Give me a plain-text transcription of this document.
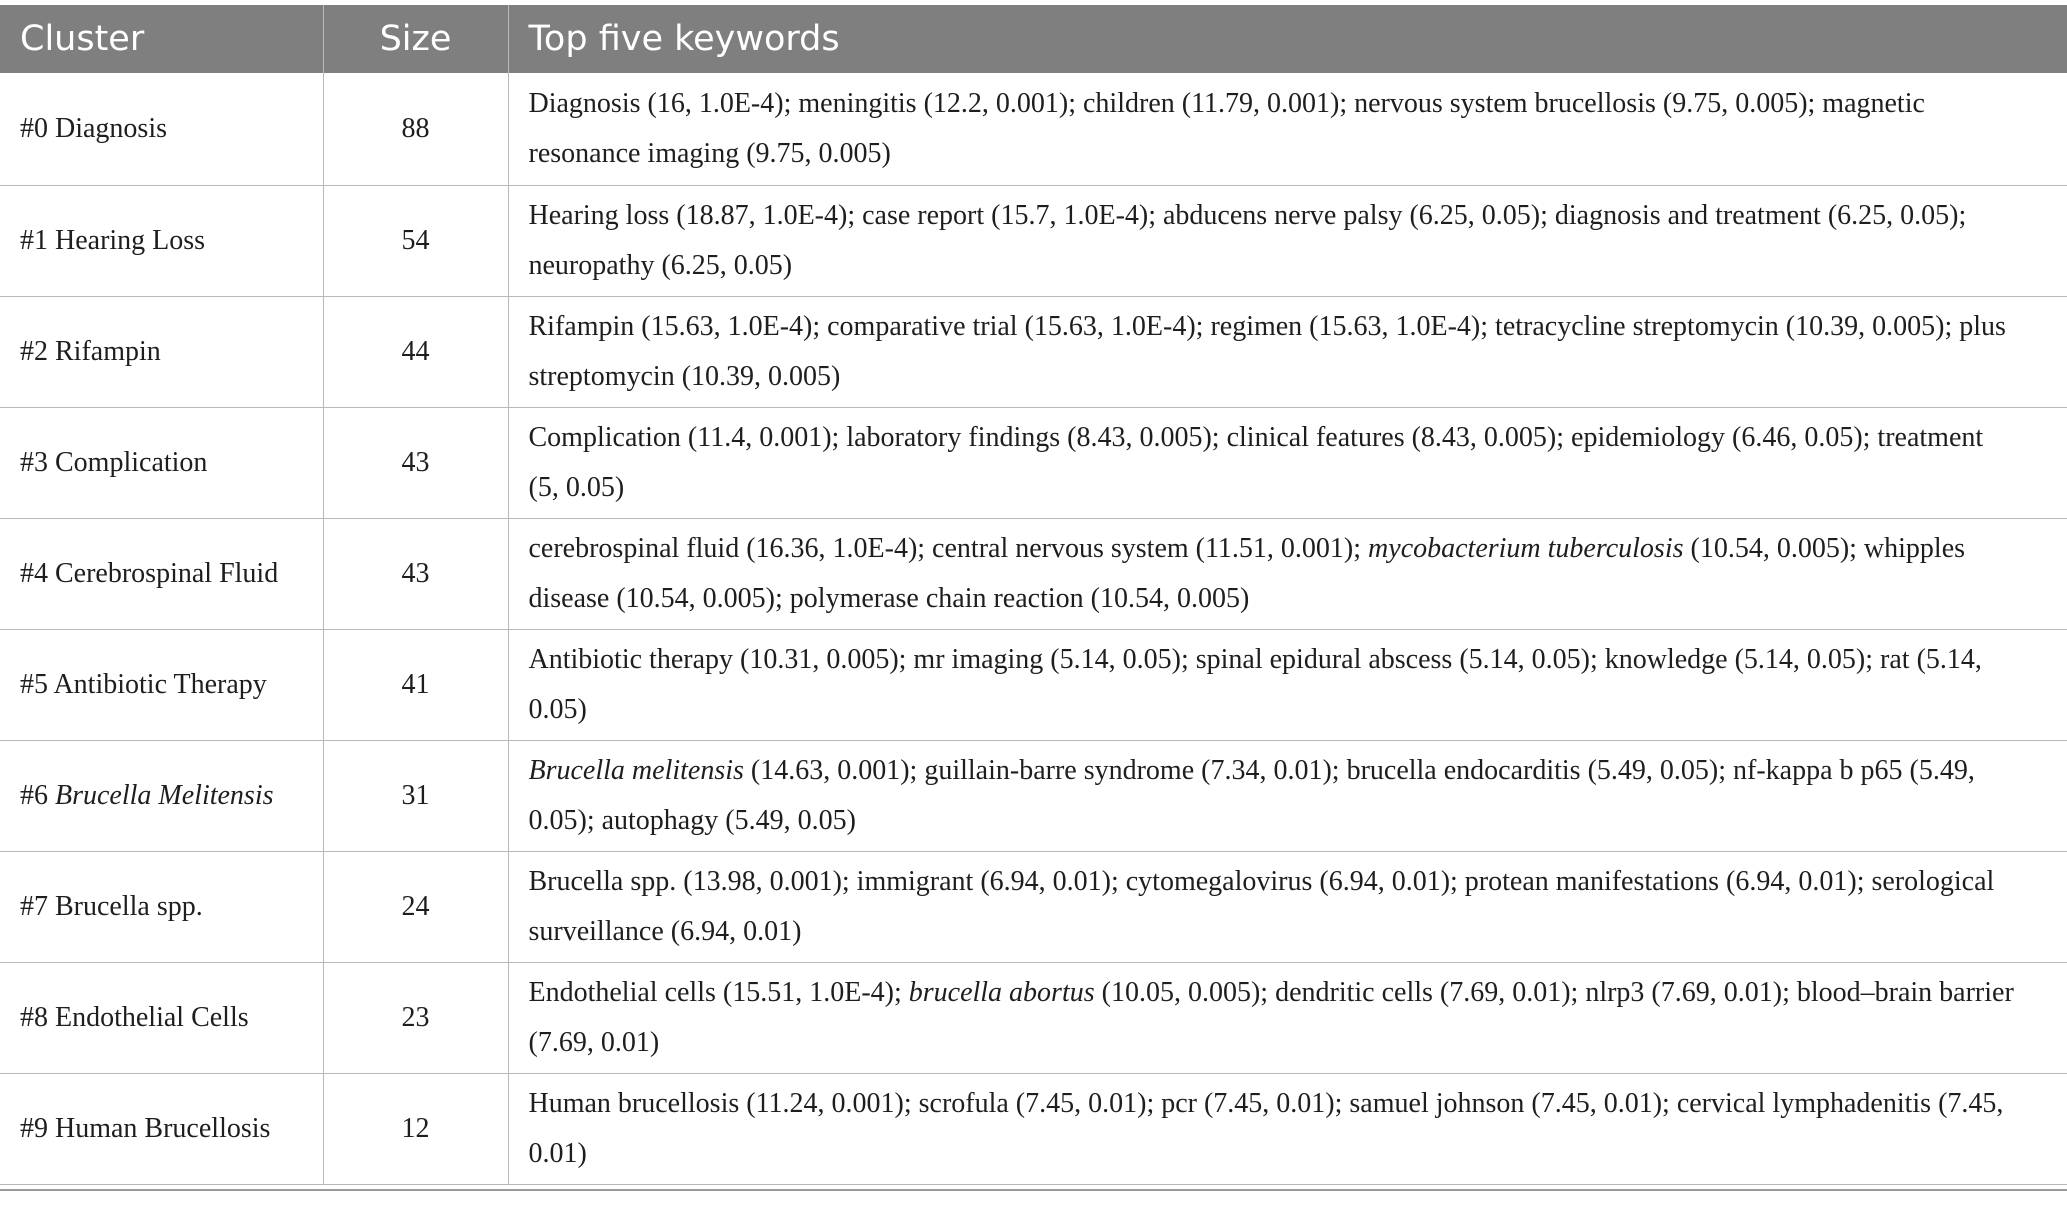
Cluster	Size	Top five keywords
#0 Diagnosis	88	Diagnosis (16, 1.0E-4); meningitis (12.2, 0.001); children (11.79, 0.001); nervous system brucellosis (9.75, 0.005); magnetic
resonance imaging (9.75, 0.005)

#1 Hearing Loss	54	Hearing loss (18.87, 1.0E-4); case report (15.7, 1.0E-4); abducens nerve palsy (6.25, 0.05); diagnosis and treatment (6.25, 0.05);
neuropathy (6.25, 0.05)

#2 Rifampin	44	Rifampin (15.63, 1.0E-4); comparative trial (15.63, 1.0E-4); regimen (15.63, 1.0E-4); tetracycline streptomycin (10.39, 0.005); plus
streptomycin (10.39, 0.005)

#3 Complication	43	Complication (11.4, 0.001); laboratory findings (8.43, 0.005); clinical features (8.43, 0.005); epidemiology (6.46, 0.05); treatment
(5, 0.05)

#4 Cerebrospinal Fluid	43	cerebrospinal fluid (16.36, 1.0E-4); central nervous system (11.51, 0.001); mycobacterium tuberculosis (10.54, 0.005); whipples
disease (10.54, 0.005); polymerase chain reaction (10.54, 0.005)

#5 Antibiotic Therapy	41	Antibiotic therapy (10.31, 0.005); mr imaging (5.14, 0.05); spinal epidural abscess (5.14, 0.05); knowledge (5.14, 0.05); rat (5.14,
0.05)

#6 Brucella Melitensis	31	Brucella melitensis (14.63, 0.001); guillain-barre syndrome (7.34, 0.01); brucella endocarditis (5.49, 0.05); nf-kappa b p65 (5.49,
0.05); autophagy (5.49, 0.05)

#7 Brucella spp.	24	Brucella spp. (13.98, 0.001); immigrant (6.94, 0.01); cytomegalovirus (6.94, 0.01); protean manifestations (6.94, 0.01); serological
surveillance (6.94, 0.01)

#8 Endothelial Cells	23	Endothelial cells (15.51, 1.0E-4); brucella abortus (10.05, 0.005); dendritic cells (7.69, 0.01); nlrp3 (7.69, 0.01); blood–brain barrier
(7.69, 0.01)

#9 Human Brucellosis	12	Human brucellosis (11.24, 0.001); scrofula (7.45, 0.01); pcr (7.45, 0.01); samuel johnson (7.45, 0.01); cervical lymphadenitis (7.45,
0.01)
